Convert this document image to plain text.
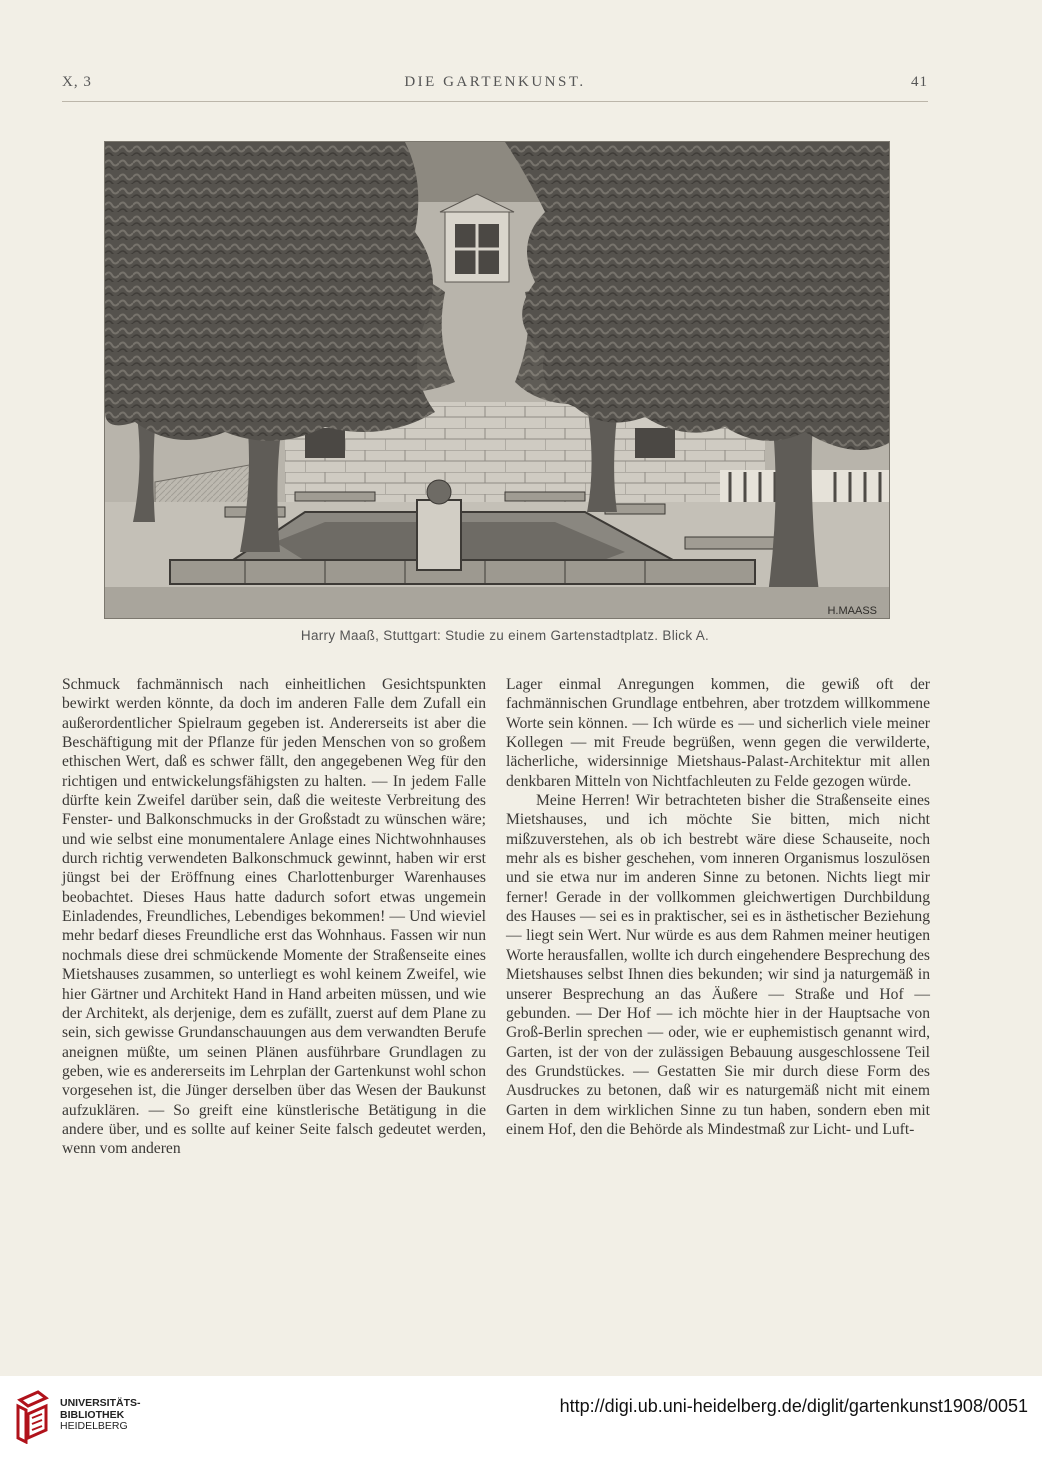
X, 3	DIE GARTENKUNST.	41
H.MAASS
Harry Maaß, Stuttgart: Studie zu einem Gartenstadtplatz. Blick A.

Schmuck fachmännisch nach einheitlichen Gesichtspunkten bewirkt werden könnte, da doch im anderen Falle dem Zufall ein außerordentlicher Spielraum gegeben ist. Andererseits ist aber die Beschäftigung mit der Pflanze für jeden Menschen von so großem ethischen Wert, daß es schwer fällt, den angegebenen Weg für den richtigen und entwickelungsfähigsten zu halten. — In jedem Falle dürfte kein Zweifel darüber sein, daß die weiteste Verbreitung des Fenster- und Balkonschmucks in der Großstadt zu wünschen wäre; und wie selbst eine monumentalere Anlage eines Nichtwohnhauses durch richtig verwendeten Balkonschmuck gewinnt, haben wir erst jüngst bei der Eröffnung eines Charlottenburger Warenhauses beobachtet. Dieses Haus hatte dadurch sofort etwas ungemein Einladendes, Freundliches, Lebendiges bekommen! — Und wieviel mehr bedarf dieses Freundliche erst das Wohnhaus. Fassen wir nun nochmals diese drei schmückende Momente der Straßenseite eines Mietshauses zusammen, so unterliegt es wohl keinem Zweifel, wie hier Gärtner und Architekt Hand in Hand arbeiten müssen, und wie der Architekt, als derjenige, dem es zufällt, zuerst auf dem Plane zu sein, sich gewisse Grundanschauungen aus dem verwandten Berufe aneignen müßte, um seinen Plänen ausführbare Grundlagen zu geben, wie es andererseits im Lehrplan der Gartenkunst wohl schon vorgesehen ist, die Jünger derselben über das Wesen der Baukunst aufzuklären. — So greift eine künstlerische Betätigung in die andere über, und es sollte auf keiner Seite falsch gedeutet werden, wenn vom anderen

Lager einmal Anregungen kommen, die gewiß oft der fachmännischen Grundlage entbehren, aber trotzdem willkommene Worte sein können. — Ich würde es — und sicherlich viele meiner Kollegen — mit Freude begrüßen, wenn gegen die verwilderte, lächerliche, widersinnige Mietshaus-Palast-Architektur mit allen denkbaren Mitteln von Nichtfachleuten zu Felde gezogen würde.

Meine Herren! Wir betrachteten bisher die Straßenseite eines Mietshauses, und ich möchte Sie bitten, mich nicht mißzuverstehen, als ob ich bestrebt wäre diese Schauseite, noch mehr als es bisher geschehen, vom inneren Organismus loszulösen und sie etwa nur im anderen Sinne zu betonen. Nichts liegt mir ferner! Gerade in der vollkommen gleichwertigen Durchbildung des Hauses — sei es in praktischer, sei es in ästhetischer Beziehung — liegt sein Wert. Nur würde es aus dem Rahmen meiner heutigen Worte herausfallen, wollte ich durch eingehendere Besprechung des Mietshauses selbst Ihnen dies bekunden; wir sind ja naturgemäß in unserer Besprechung an das Äußere — Straße und Hof — gebunden. — Der Hof — ich möchte hier in der Hauptsache von Groß-Berlin sprechen — oder, wie er euphemistisch genannt wird, Garten, ist der von der zulässigen Bebauung ausgeschlossene Teil des Grundstückes. — Gestatten Sie mir durch diese Form des Ausdruckes zu betonen, daß wir es naturgemäß nicht mit einem Garten in dem wirklichen Sinne zu tun haben, sondern eben mit einem Hof, den die Behörde als Mindestmaß zur Licht- und Luft-

UNIVERSITÄTS-
BIBLIOTHEK
HEIDELBERG
http://digi.ub.uni-heidelberg.de/diglit/gartenkunst1908/0051
